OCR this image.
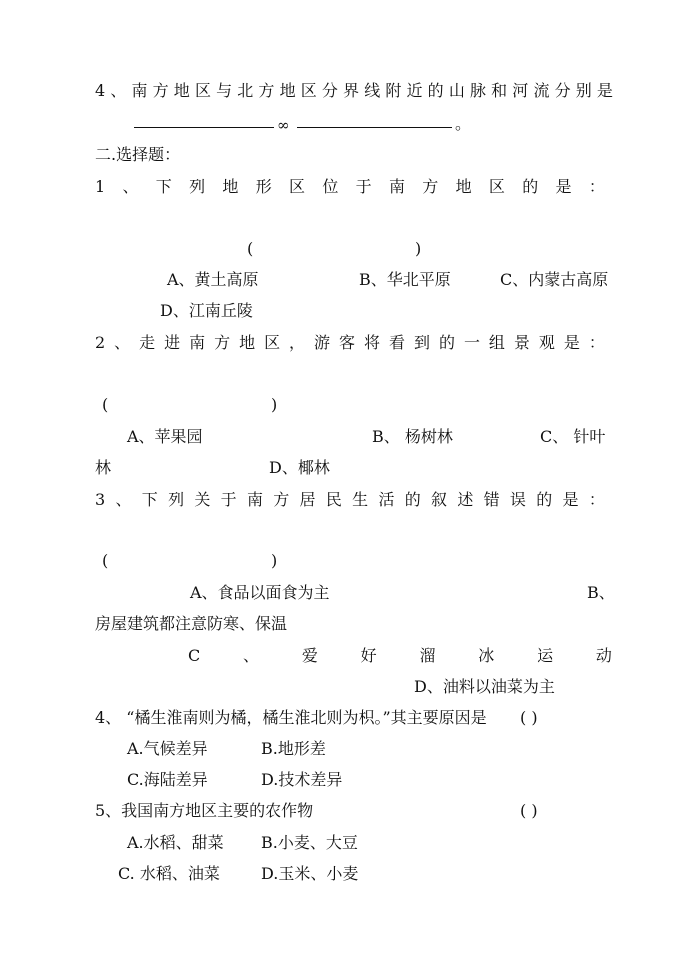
4 、 南 方 地 区 与 北 方 地 区 分 界 线 附 近 的 山 脉 和 河 流 分 别 是
∞	。
二.选择题：
1 、 下 列 地 形 区 位 于 南 方 地 区 的 是 ：
(	)
A、黄土高原	B、华北平原	C、内蒙古高原
D、江南丘陵
2 、 走 进 南 方 地 区 ， 游 客 将 看 到 的 一 组 景 观 是 ：
(	)
A、苹果园	B、 杨树林	C、 针叶
林	D、椰林
3 、 下 列 关 于 南 方 居 民 生 活 的 叙 述 错 误 的 是 ：
(	)
A、食品以面食为主	B、
房屋建筑都注意防寒、保温
C	、	爱	好	溜	冰	运	动
D、油料以油菜为主
4、 “橘生淮南则为橘，橘生淮北则为枳。”其主要原因是 ( )
A.气候差异	B.地形差
C.海陆差异	D.技术差异
5、我国南方地区主要的农作物	( )
A.水稻、甜菜 B.小麦、大豆
C. 水稻、油菜	D.玉米、小麦
